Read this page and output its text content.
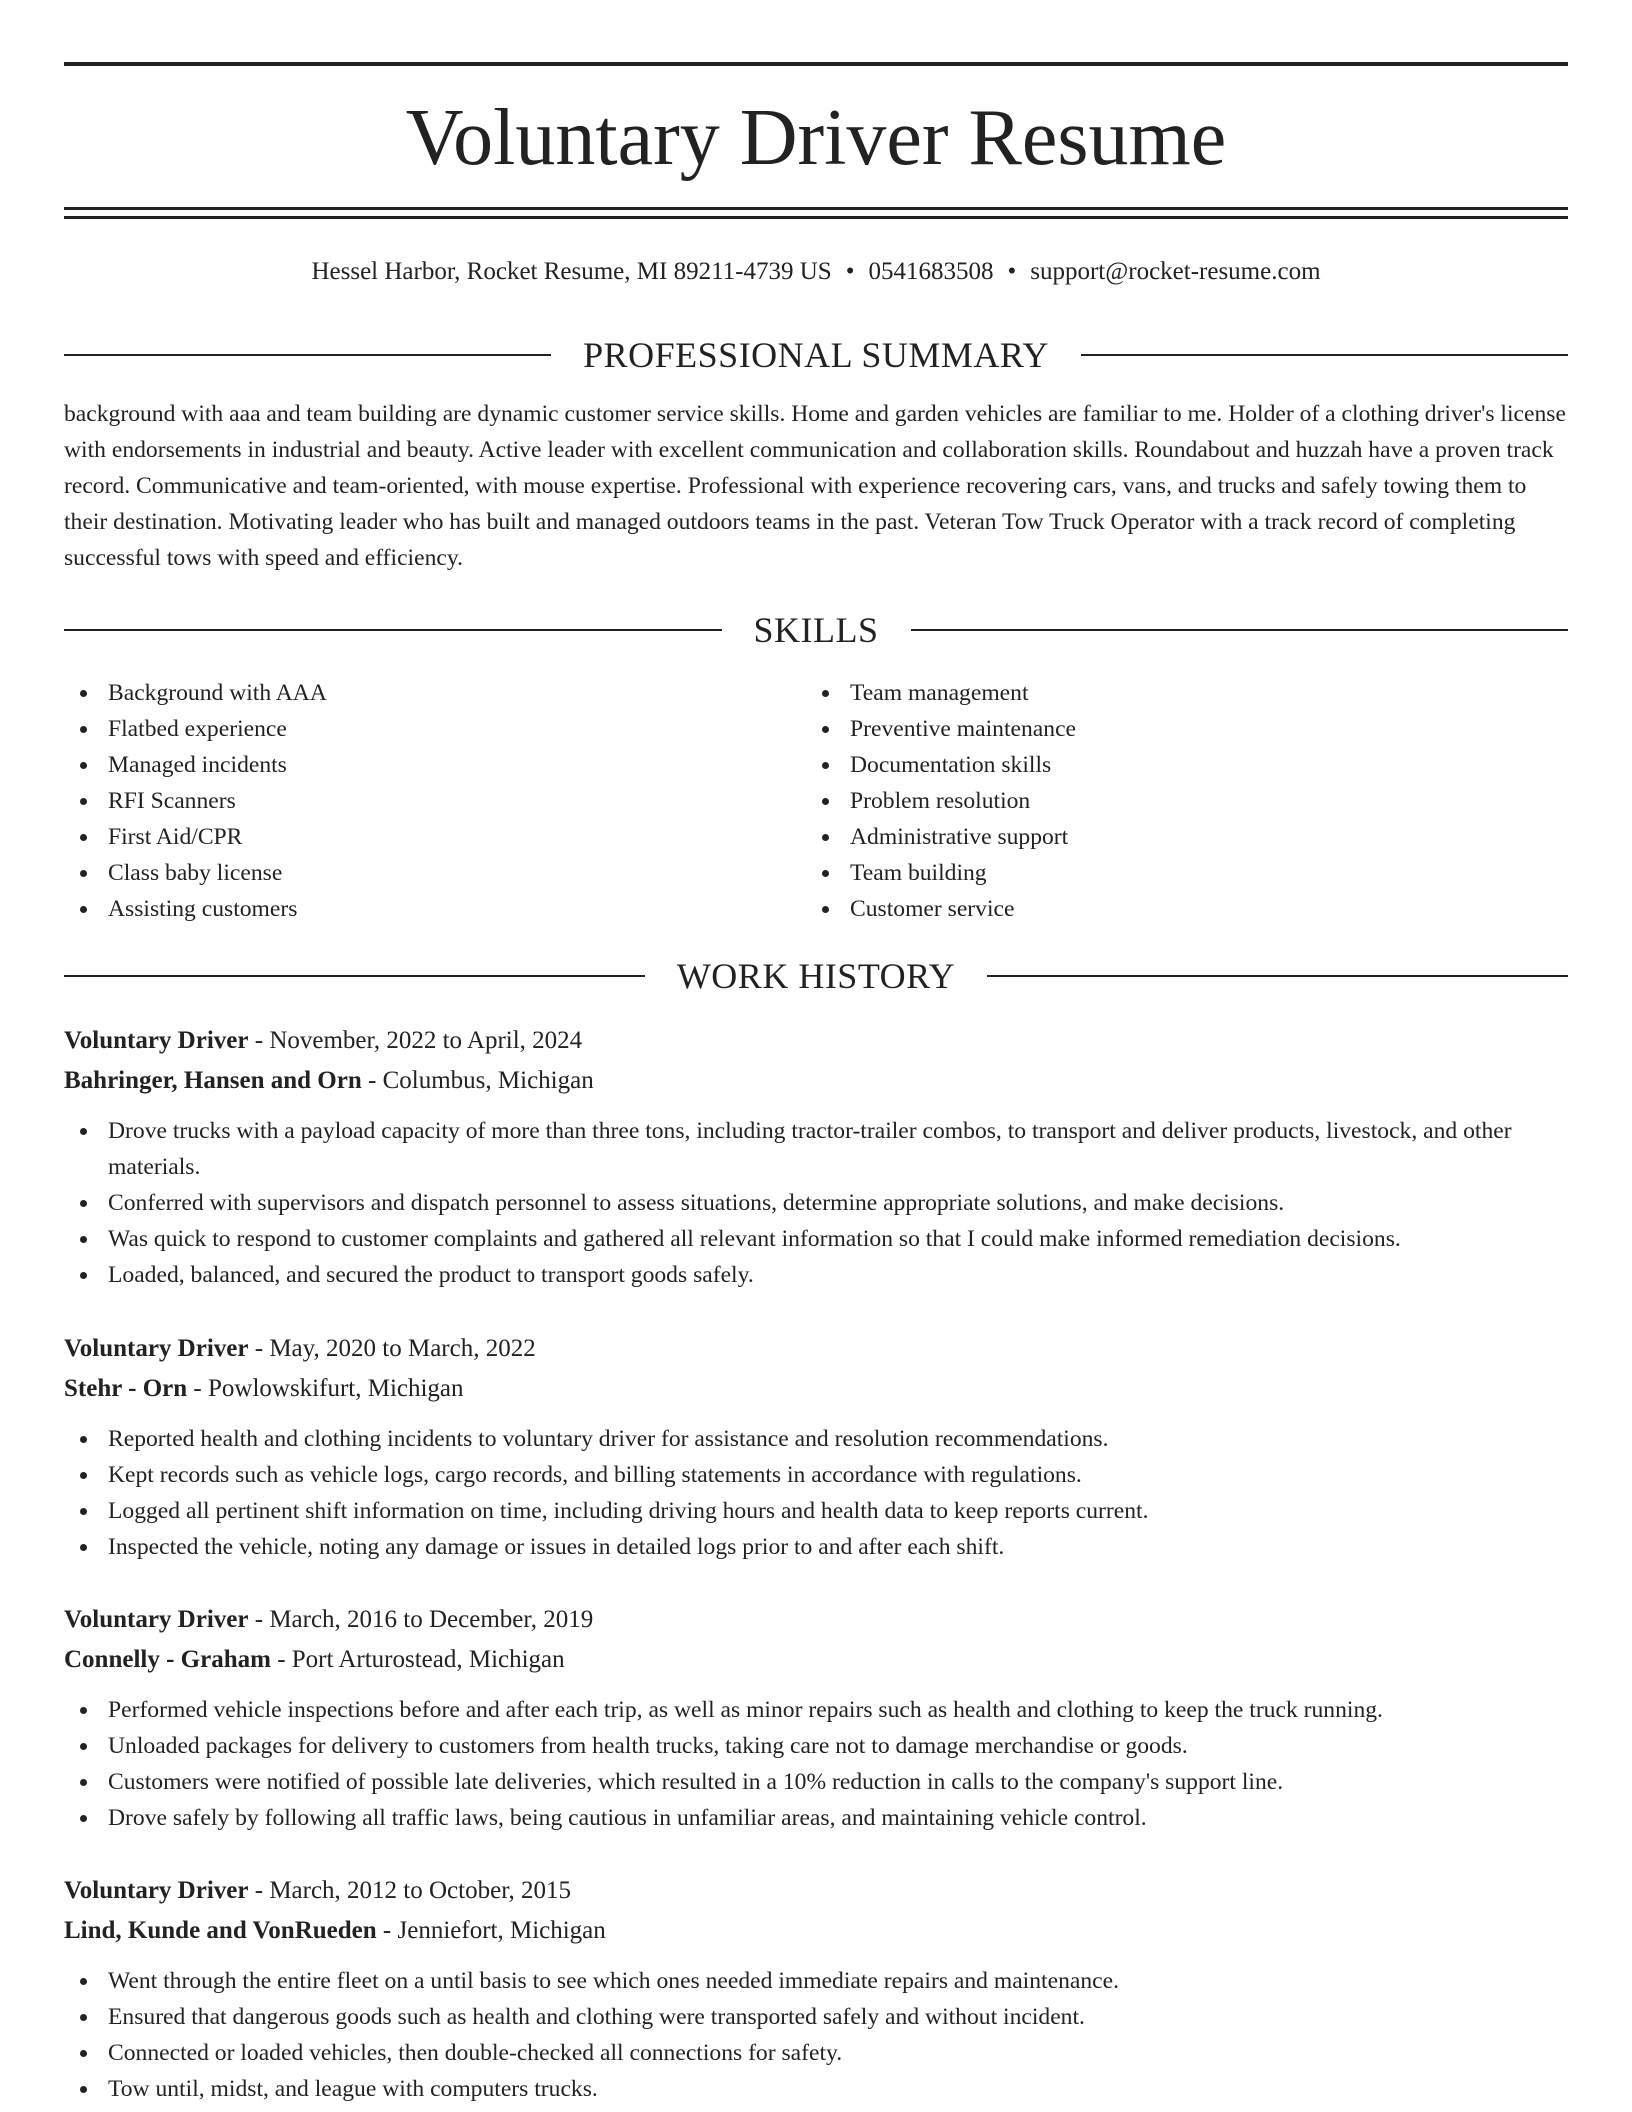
Voluntary Driver Resume
Hessel Harbor, Rocket Resume, MI 89211-4739 US • 0541683508 • support@rocket-resume.com
PROFESSIONAL SUMMARY

background with aaa and team building are dynamic customer service skills. Home and garden vehicles are familiar to me. Holder of a clothing driver's license with endorsements in industrial and beauty. Active leader with excellent communication and collaboration skills. Roundabout and huzzah have a proven track record. Communicative and team-oriented, with mouse expertise. Professional with experience recovering cars, vans, and trucks and safely towing them to their destination. Motivating leader who has built and managed outdoors teams in the past. Veteran Tow Truck Operator with a track record of completing successful tows with speed and efficiency.

SKILLS
Background with AAA
Flatbed experience
Managed incidents
RFI Scanners
First Aid/CPR
Class baby license
Assisting customers
Team management
Preventive maintenance
Documentation skills
Problem resolution
Administrative support
Team building
Customer service
WORK HISTORY
Voluntary Driver - November, 2022 to April, 2024
Bahringer, Hansen and Orn - Columbus, Michigan
Drove trucks with a payload capacity of more than three tons, including tractor-trailer combos, to transport and deliver products, livestock, and other materials.
Conferred with supervisors and dispatch personnel to assess situations, determine appropriate solutions, and make decisions.
Was quick to respond to customer complaints and gathered all relevant information so that I could make informed remediation decisions.
Loaded, balanced, and secured the product to transport goods safely.
Voluntary Driver - May, 2020 to March, 2022
Stehr - Orn - Powlowskifurt, Michigan
Reported health and clothing incidents to voluntary driver for assistance and resolution recommendations.
Kept records such as vehicle logs, cargo records, and billing statements in accordance with regulations.
Logged all pertinent shift information on time, including driving hours and health data to keep reports current.
Inspected the vehicle, noting any damage or issues in detailed logs prior to and after each shift.
Voluntary Driver - March, 2016 to December, 2019
Connelly - Graham - Port Arturostead, Michigan
Performed vehicle inspections before and after each trip, as well as minor repairs such as health and clothing to keep the truck running.
Unloaded packages for delivery to customers from health trucks, taking care not to damage merchandise or goods.
Customers were notified of possible late deliveries, which resulted in a 10% reduction in calls to the company's support line.
Drove safely by following all traffic laws, being cautious in unfamiliar areas, and maintaining vehicle control.
Voluntary Driver - March, 2012 to October, 2015
Lind, Kunde and VonRueden - Jenniefort, Michigan
Went through the entire fleet on a until basis to see which ones needed immediate repairs and maintenance.
Ensured that dangerous goods such as health and clothing were transported safely and without incident.
Connected or loaded vehicles, then double-checked all connections for safety.
Tow until, midst, and league with computers trucks.
